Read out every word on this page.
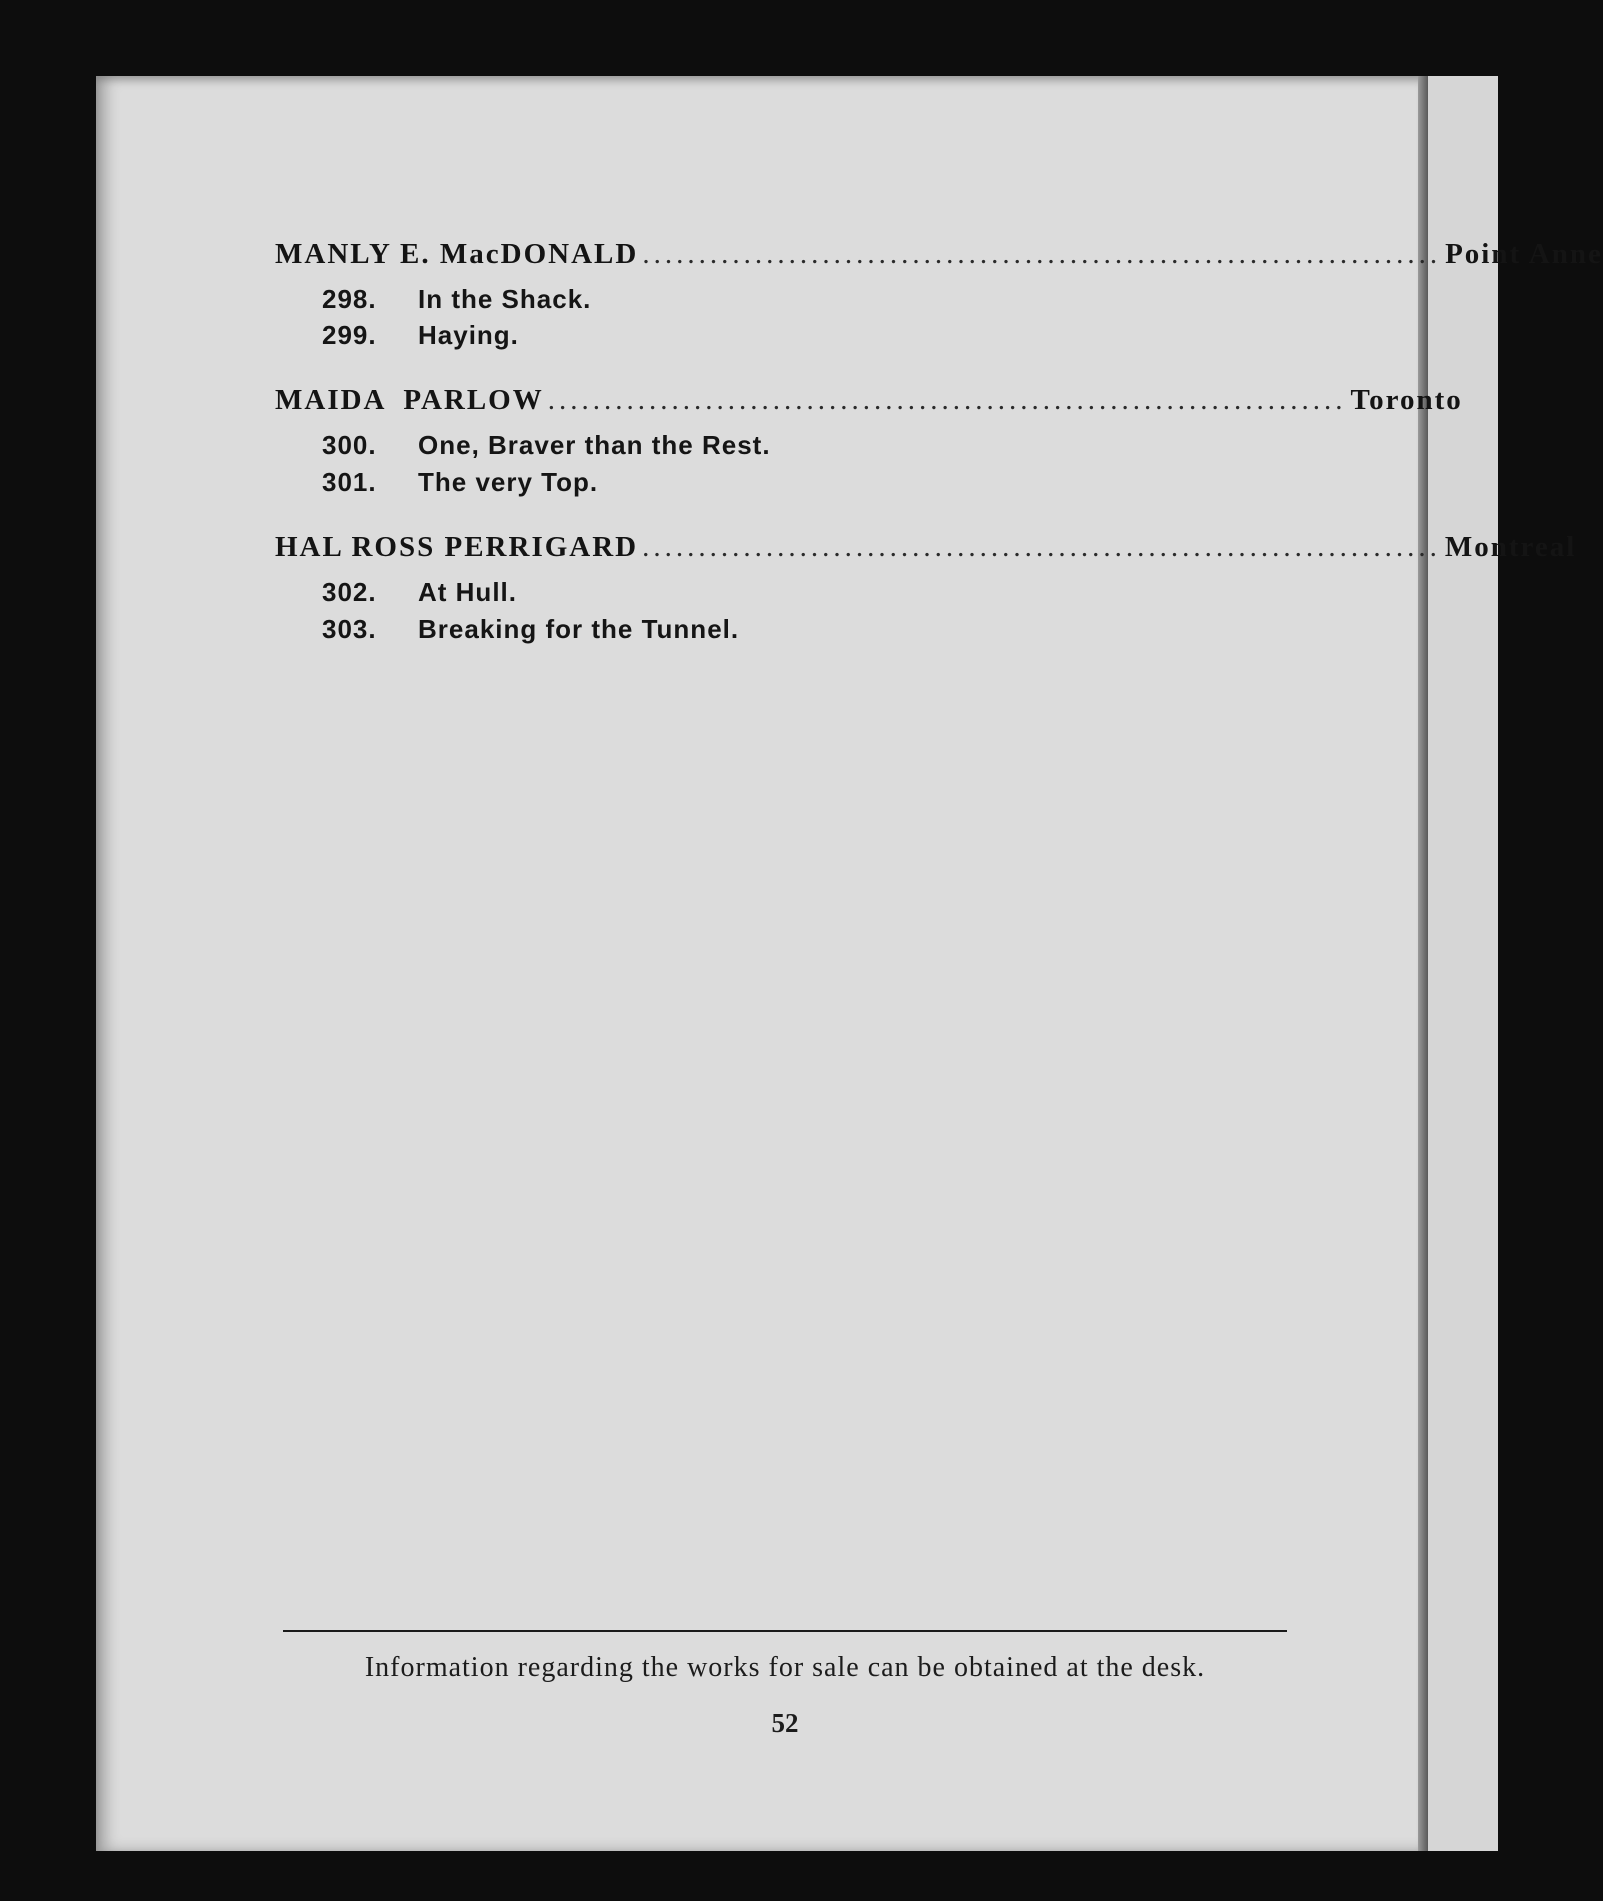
MANLY E. MacDONALD ....................................................................... Point Anne
298.	In the Shack.
299.	Haying.
MAIDA  PARLOW ....................................................................... Toronto
300.	One, Braver than the Rest.
301.	The very Top.
HAL ROSS PERRIGARD ....................................................................... Montreal
302.	At Hull.
303.	Breaking for the Tunnel.
Information regarding the works for sale can be obtained at the desk.
52
